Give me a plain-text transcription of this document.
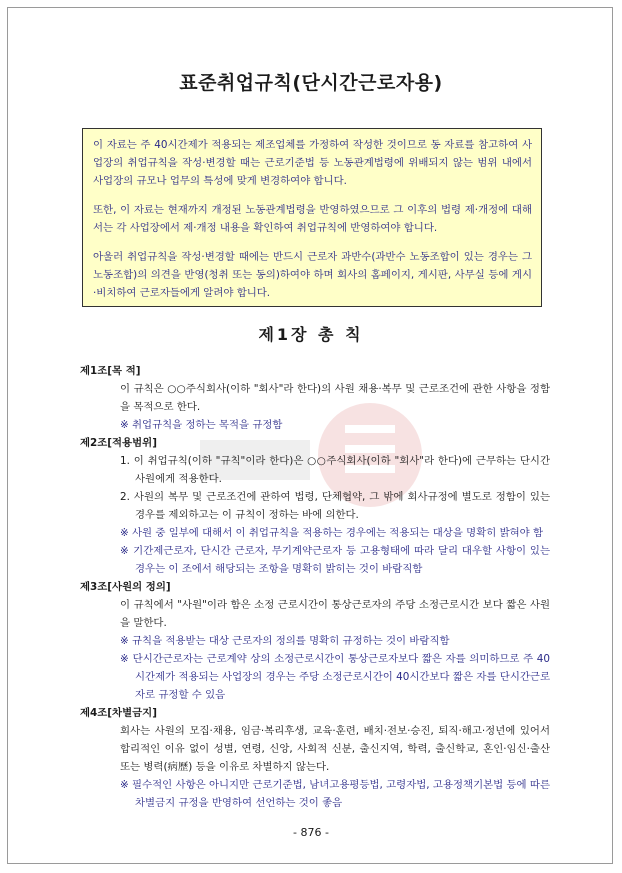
표준취업규칙(단시간근로자용)

이 자료는 주 40시간제가 적용되는 제조업체를 가정하여 작성한 것이므로 동 자료를 참고하여 사업장의 취업규칙을 작성·변경할 때는 근로기준법 등 노동관계법령에 위배되지 않는 범위 내에서 사업장의 규모나 업무의 특성에 맞게 변경하여야 합니다.

또한, 이 자료는 현재까지 개정된 노동관계법령을 반영하였으므로 그 이후의 법령 제·개정에 대해서는 각 사업장에서 제·개정 내용을 확인하여 취업규칙에 반영하여야 합니다.

아울러 취업규칙을 작성·변경할 때에는 반드시 근로자 과반수(과반수 노동조합이 있는 경우는 그 노동조합)의 의견을 반영(청취 또는 동의)하여야 하며 회사의 홈페이지, 게시판, 사무실 등에 게시·비치하여 근로자들에게 알려야 합니다.

제1장 총 칙
제1조[목 적]
이 규칙은 ○○주식회사(이하 "회사"라 한다)의 사원 채용·복무 및 근로조건에 관한 사항을 정함을 목적으로 한다.
※ 취업규칙을 정하는 목적을 규정함
제2조[적용범위]
1. 이 취업규칙(이하 "규칙"이라 한다)은 ○○주식회사(이하 "회사"라 한다)에 근무하는 단시간사원에게 적용한다.
2. 사원의 복무 및 근로조건에 관하여 법령, 단체협약, 그 밖에 회사규정에 별도로 정함이 있는 경우를 제외하고는 이 규칙이 정하는 바에 의한다.
※ 사원 중 일부에 대해서 이 취업규칙을 적용하는 경우에는 적용되는 대상을 명확히 밝혀야 함
※ 기간제근로자, 단시간 근로자, 무기계약근로자 등 고용형태에 따라 달리 대우할 사항이 있는 경우는 이 조에서 해당되는 조항을 명확히 밝히는 것이 바람직함
제3조[사원의 정의]
이 규칙에서 "사원"이라 함은 소정 근로시간이 통상근로자의 주당 소정근로시간 보다 짧은 사원을 말한다.
※ 규칙을 적용받는 대상 근로자의 정의를 명확히 규정하는 것이 바람직함
※ 단시간근로자는 근로계약 상의 소정근로시간이 통상근로자보다 짧은 자를 의미하므로 주 40시간제가 적용되는 사업장의 경우는 주당 소정근로시간이 40시간보다 짧은 자를 단시간근로자로 규정할 수 있음
제4조[차별금지]
회사는 사원의 모집·채용, 임금·복리후생, 교육·훈련, 배치·전보·승진, 퇴직·해고·정년에 있어서 합리적인 이유 없이 성별, 연령, 신앙, 사회적 신분, 출신지역, 학력, 출신학교, 혼인·임신·출산 또는 병력(病歷) 등을 이유로 차별하지 않는다.
※ 필수적인 사항은 아니지만 근로기준법, 남녀고용평등법, 고령자법, 고용정책기본법 등에 따른 차별금지 규정을 반영하여 선언하는 것이 좋음
- 876 -
